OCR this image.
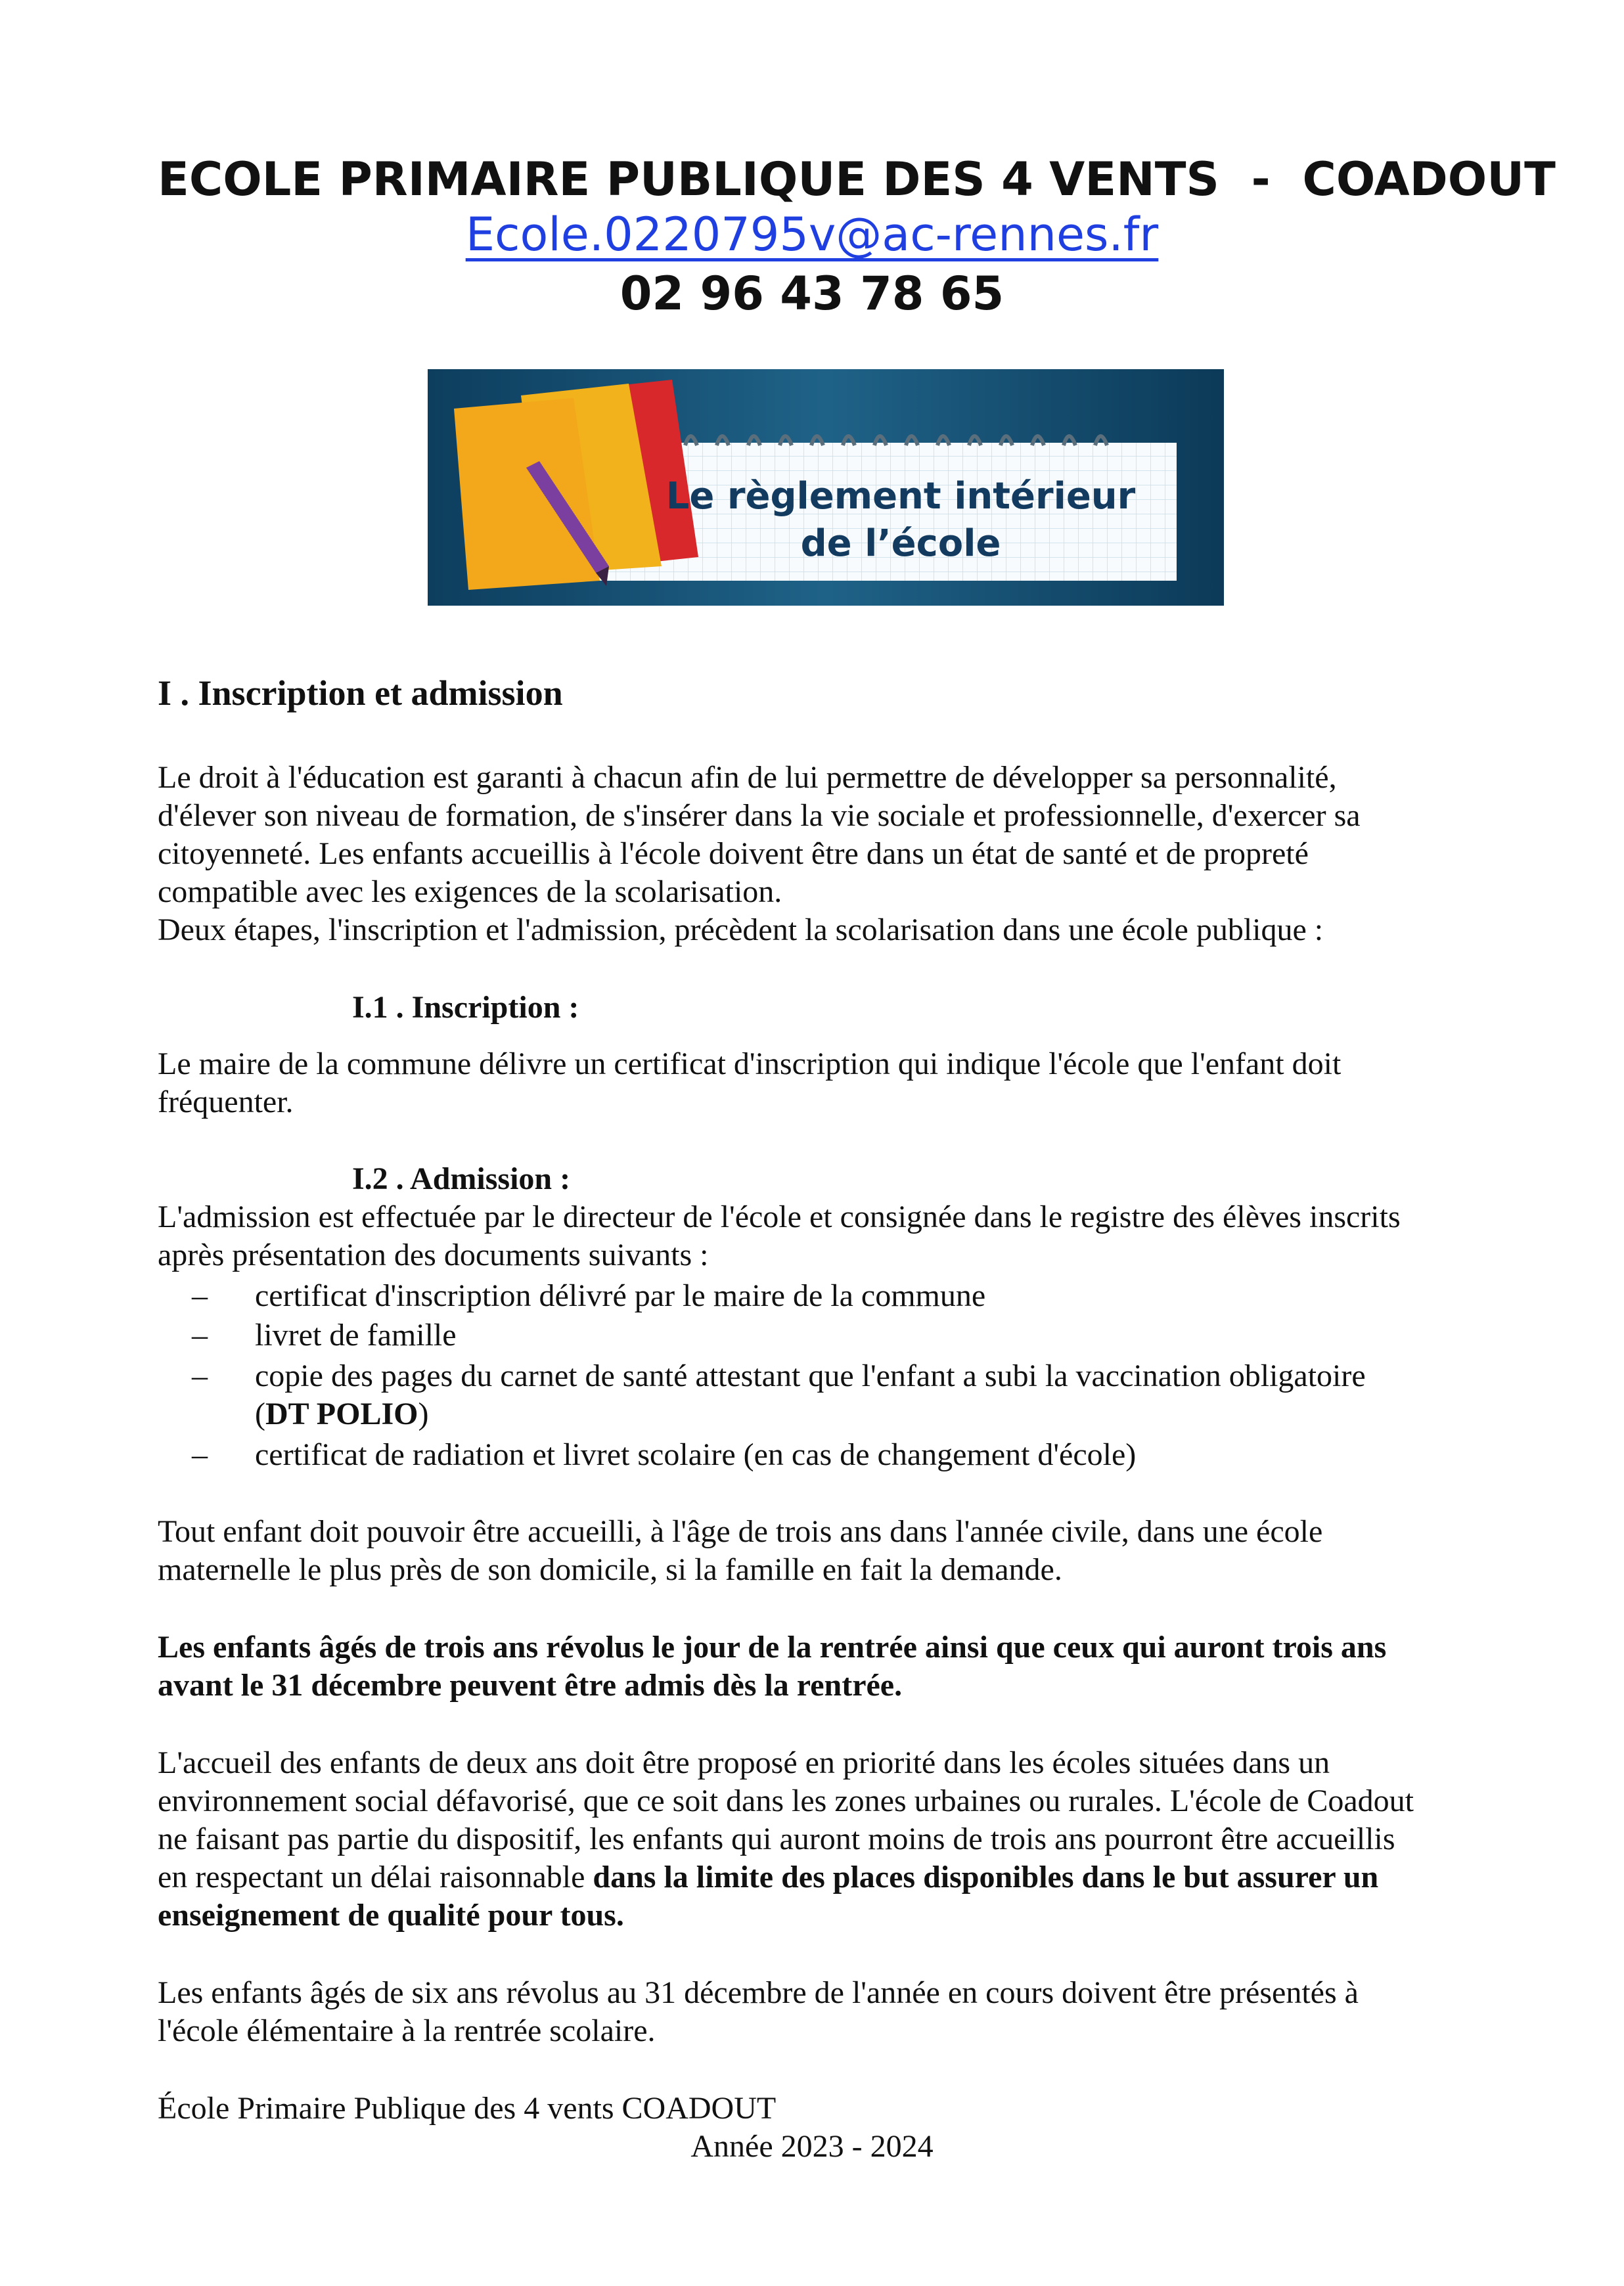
ECOLE PRIMAIRE PUBLIQUE DES 4 VENTS  -  COADOUT
Ecole.0220795v@ac-rennes.fr
02 96 43 78 65
Le règlement intérieur
de l’école
I . Inscription et admission
Le droit à l'éducation est garanti à chacun afin de lui permettre de développer sa personnalité,
d'élever son niveau de formation, de s'insérer dans la vie sociale et professionnelle, d'exercer sa
citoyenneté. Les enfants accueillis à l'école doivent être dans un état de santé et de propreté
compatible avec les exigences de la scolarisation.
Deux étapes, l'inscription et l'admission, précèdent la scolarisation dans une école publique :
I.1 . Inscription :
Le maire de la commune délivre un certificat d'inscription qui indique l'école que l'enfant doit
fréquenter.
I.2 . Admission :
L'admission est effectuée par le directeur de l'école et consignée dans le registre des élèves inscrits
après présentation des documents suivants :
– certificat d'inscription délivré par le maire de la commune
– livret de famille
– copie des pages du carnet de santé attestant que l'enfant a subi la vaccination obligatoire
(DT POLIO)
– certificat de radiation et livret scolaire (en cas de changement d'école)
Tout enfant doit pouvoir être accueilli, à l'âge de trois ans dans l'année civile, dans une école
maternelle le plus près de son domicile, si la famille en fait la demande.
Les enfants âgés de trois ans révolus le jour de la rentrée ainsi que ceux qui auront trois ans
avant le 31 décembre peuvent être admis dès la rentrée.
L'accueil des enfants de deux ans doit être proposé en priorité dans les écoles situées dans un
environnement social défavorisé, que ce soit dans les zones urbaines ou rurales. L'école de Coadout
ne faisant pas partie du dispositif, les enfants qui auront moins de trois ans pourront être accueillis
en respectant un délai raisonnable dans la limite des places disponibles dans le but assurer un
enseignement de qualité pour tous.
Les enfants âgés de six ans révolus au 31 décembre de l'année en cours doivent être présentés à
l'école élémentaire à la rentrée scolaire.
École Primaire Publique des 4 vents COADOUT
Année 2023 - 2024
